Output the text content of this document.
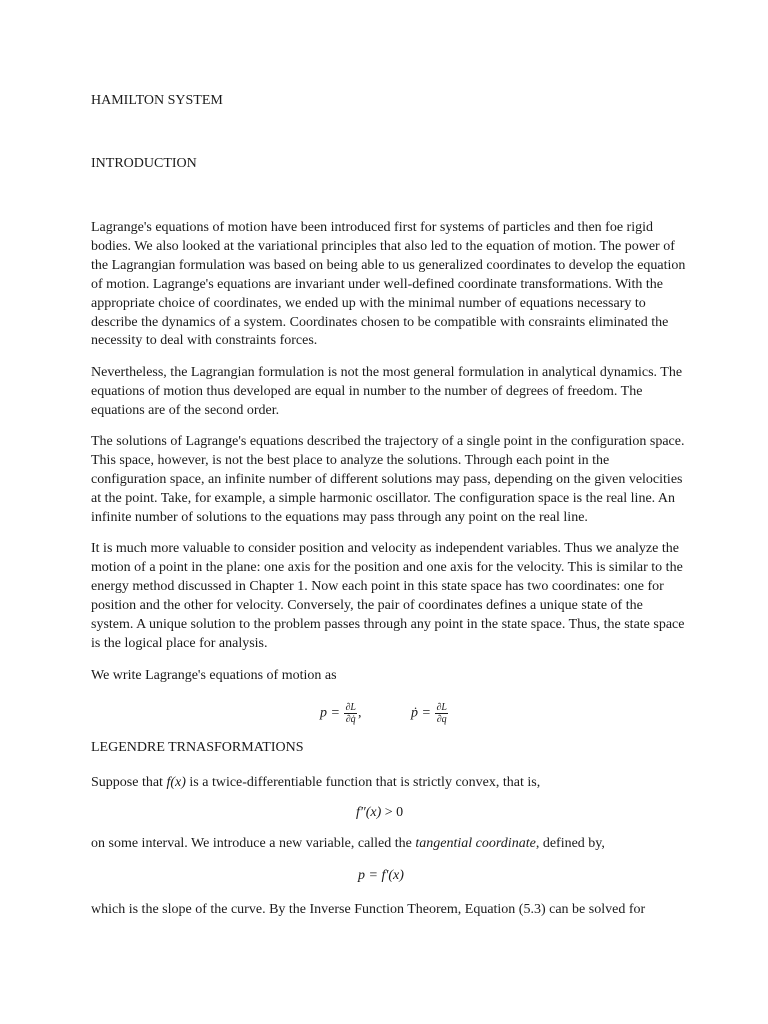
HAMILTON SYSTEM
INTRODUCTION

Lagrange's equations of motion have been introduced first for systems of particles and then foe rigid
bodies. We also looked at the variational principles that also led to the equation of motion. The power of
the Lagrangian formulation was based on being able to us generalized coordinates to develop the equation
of motion. Lagrange's equations are invariant under well-defined coordinate transformations. With the
appropriate choice of coordinates, we ended up with the minimal number of equations necessary to
describe the dynamics of a system. Coordinates chosen to be compatible with consraints eliminated the
necessity to deal with constraints forces.

Nevertheless, the Lagrangian formulation is not the most general formulation in analytical dynamics. The
equations of motion thus developed are equal in number to the number of degrees of freedom. The
equations are of the second order.

The solutions of Lagrange's equations described the trajectory of a single point in the configuration space.
This space, however, is not the best place to analyze the solutions. Through each point in the
configuration space, an infinite number of different solutions may pass, depending on the given velocities
at the point. Take, for example, a simple harmonic oscillator. The configuration space is the real line. An
infinite number of solutions to the equations may pass through any point on the real line.

It is much more valuable to consider position and velocity as independent variables. Thus we analyze the
motion of a point in the plane: one axis for the position and one axis for the velocity. This is similar to the
energy method discussed in Chapter 1. Now each point in this state space has two coordinates: one for
position and the other for velocity. Conversely, the pair of coordinates defines a unique state of the
system. A unique solution to the problem passes through any point in the state space. Thus, the state space
is the logical place for analysis.

We write Lagrange's equations of motion as

$p = \frac{\partial L}{\partial q̇}$ ,	ṗ = $\frac{\partial L}{\partial q}$
LEGENDRE TRNASFORMATIONS

Suppose that f(x) is a twice-differentiable function that is strictly convex, that is,

f″(x) > 0

on some interval. We introduce a new variable, called the tangential coordinate, defined by,

p = f′(x)

which is the slope of the curve. By the Inverse Function Theorem, Equation (5.3) can be solved for
